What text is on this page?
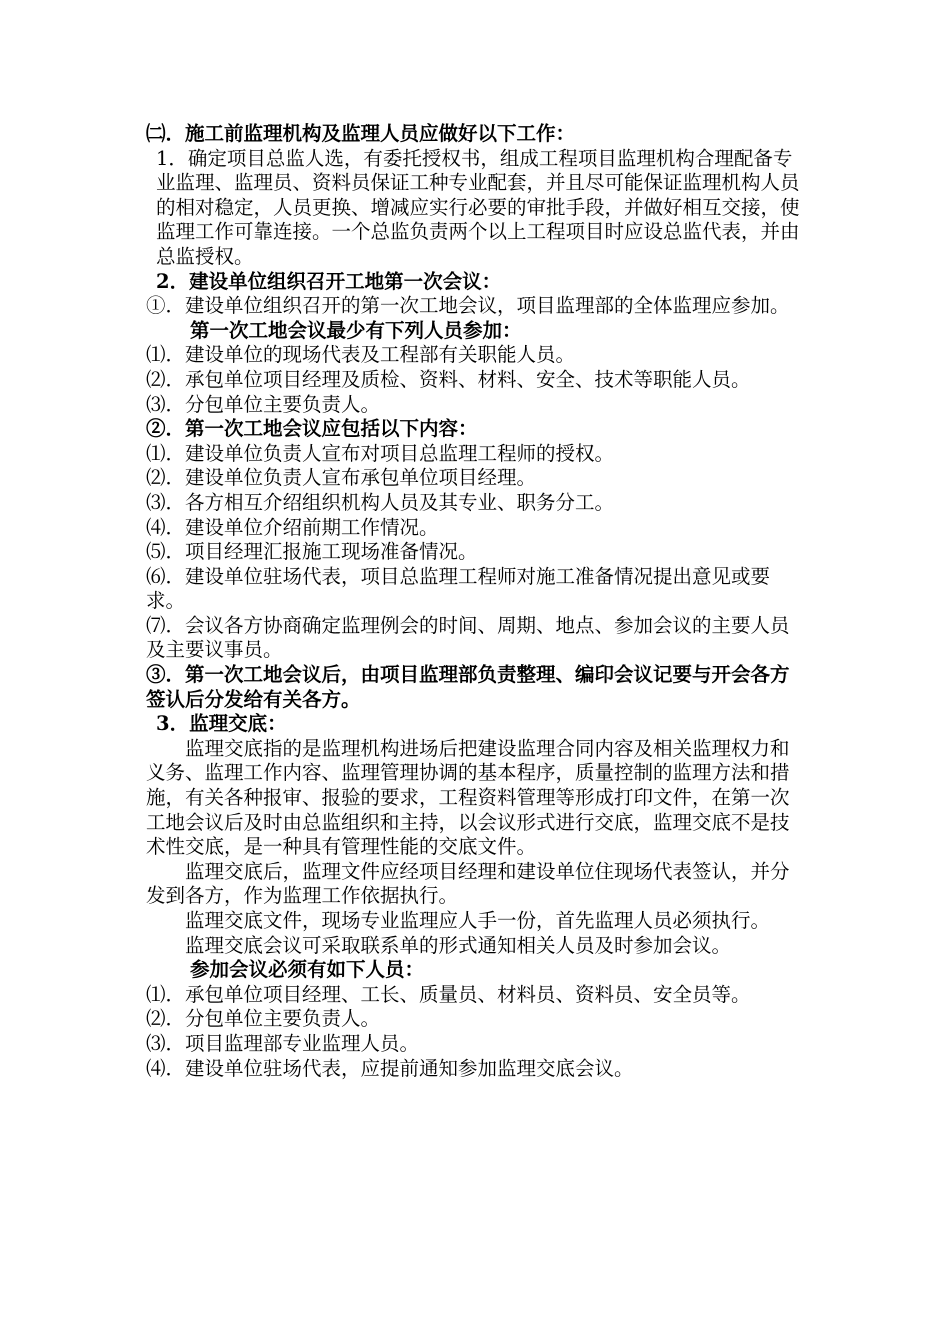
㈡．施工前监理机构及监理人员应做好以下工作：

1．确定项目总监人选，有委托授权书，组成工程项目监理机构合理配备专业监理、监理员、资料员保证工种专业配套，并且尽可能保证监理机构人员的相对稳定，人员更换、增减应实行必要的审批手段，并做好相互交接，使监理工作可靠连接。一个总监负责两个以上工程项目时应设总监代表，并由总监授权。

2．建设单位组织召开工地第一次会议：

①．建设单位组织召开的第一次工地会议，项目监理部的全体监理应参加。

第一次工地会议最少有下列人员参加：

⑴．建设单位的现场代表及工程部有关职能人员。

⑵．承包单位项目经理及质检、资料、材料、安全、技术等职能人员。

⑶．分包单位主要负责人。

②．第一次工地会议应包括以下内容：

⑴．建设单位负责人宣布对项目总监理工程师的授权。

⑵．建设单位负责人宣布承包单位项目经理。

⑶．各方相互介绍组织机构人员及其专业、职务分工。

⑷．建设单位介绍前期工作情况。

⑸．项目经理汇报施工现场准备情况。

⑹．建设单位驻场代表，项目总监理工程师对施工准备情况提出意见或要求。

⑺．会议各方协商确定监理例会的时间、周期、地点、参加会议的主要人员及主要议事员。

③．第一次工地会议后，由项目监理部负责整理、编印会议记要与开会各方签认后分发给有关各方。

3．监理交底：

监理交底指的是监理机构进场后把建设监理合同内容及相关监理权力和义务、监理工作内容、监理管理协调的基本程序，质量控制的监理方法和措施，有关各种报审、报验的要求，工程资料管理等形成打印文件，在第一次工地会议后及时由总监组织和主持，以会议形式进行交底，监理交底不是技术性交底，是一种具有管理性能的交底文件。

监理交底后，监理文件应经项目经理和建设单位住现场代表签认，并分发到各方，作为监理工作依据执行。

监理交底文件，现场专业监理应人手一份，首先监理人员必须执行。

监理交底会议可采取联系单的形式通知相关人员及时参加会议。

参加会议必须有如下人员：

⑴．承包单位项目经理、工长、质量员、材料员、资料员、安全员等。

⑵．分包单位主要负责人。

⑶．项目监理部专业监理人员。

⑷．建设单位驻场代表，应提前通知参加监理交底会议。
